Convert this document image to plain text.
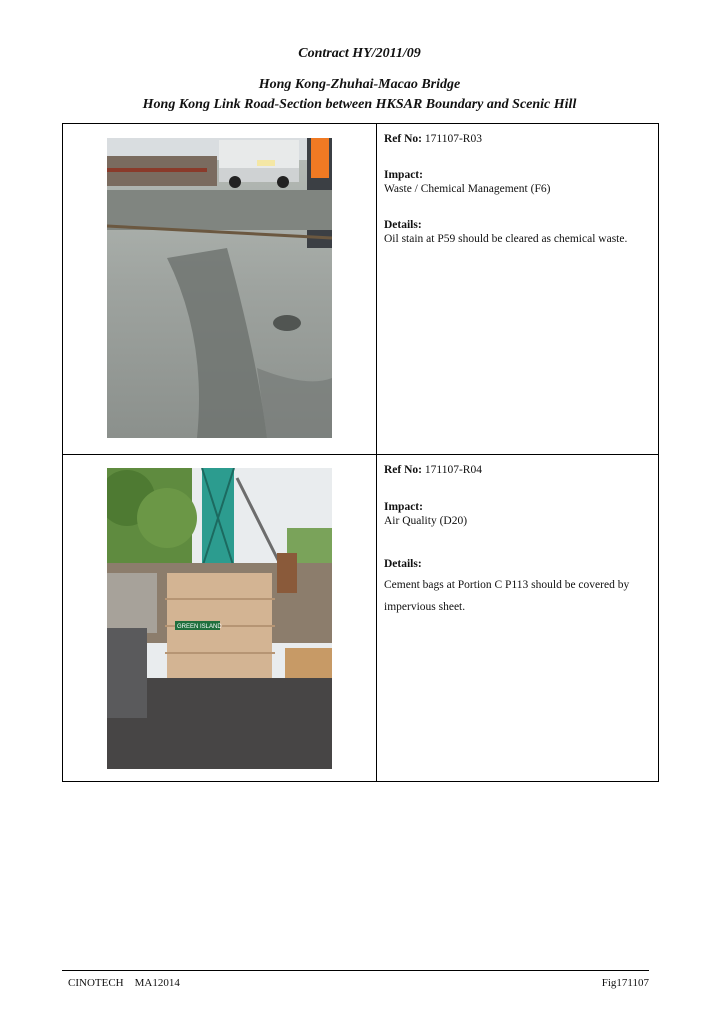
Contract HY/2011/09
Hong Kong-Zhuhai-Macao Bridge
Hong Kong Link Road-Section between HKSAR Boundary and Scenic Hill
Ref No: 171107-R03
Impact:
Waste / Chemical Management (F6)
Details:
Oil stain at P59 should be cleared as chemical waste.
GREEN ISLAND
Ref No: 171107-R04
Impact:
Air Quality (D20)
Details:
Cement bags at Portion C P113 should be covered by
impervious sheet.
CINOTECH MA12014	Fig171107
